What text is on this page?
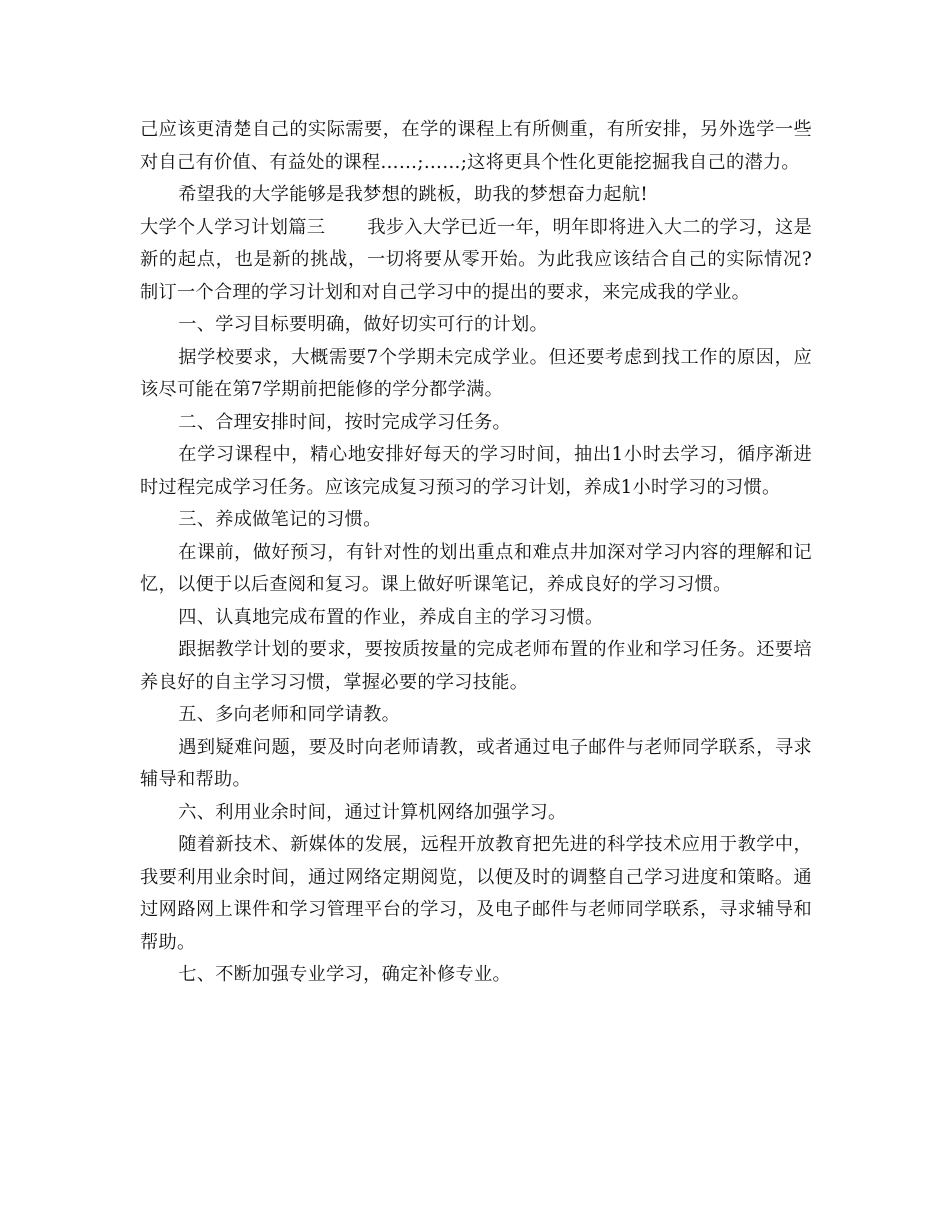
己应该更清楚自己的实际需要，在学的课程上有所侧重，有所安排，另外选学一些对自己有价值、有益处的课程……;……;这将更具个性化更能挖掘我自己的潜力。

希望我的大学能够是我梦想的跳板，助我的梦想奋力起航!

大学个人学习计划篇三 我步入大学已近一年，明年即将进入大二的学习，这是新的起点，也是新的挑战，一切将要从零开始。为此我应该结合自己的实际情况?制订一个合理的学习计划和对自己学习中的提出的要求，来完成我的学业。

一、学习目标要明确，做好切实可行的计划。

据学校要求，大概需要7个学期未完成学业。但还要考虑到找工作的原因，应该尽可能在第7学期前把能修的学分都学满。

二、合理安排时间，按时完成学习任务。

在学习课程中，精心地安排好每天的学习时间，抽出1小时去学习，循序渐进时过程完成学习任务。应该完成复习预习的学习计划，养成1小时学习的习惯。

三、养成做笔记的习惯。

在课前，做好预习，有针对性的划出重点和难点井加深对学习内容的理解和记忆，以便于以后查阅和复习。课上做好听课笔记，养成良好的学习习惯。

四、认真地完成布置的作业，养成自主的学习习惯。

跟据教学计划的要求，要按质按量的完成老师布置的作业和学习任务。还要培养良好的自主学习习惯，掌握必要的学习技能。

五、多向老师和同学请教。

遇到疑难问题，要及时向老师请教，或者通过电子邮件与老师同学联系，寻求辅导和帮助。

六、利用业余时间，通过计算机网络加强学习。

随着新技术、新媒体的发展，远程开放教育把先进的科学技术应用于教学中，我要利用业余时间，通过网络定期阅览，以便及时的调整自己学习进度和策略。通过网路网上课件和学习管理平台的学习，及电子邮件与老师同学联系，寻求辅导和帮助。

七、不断加强专业学习，确定补修专业。
